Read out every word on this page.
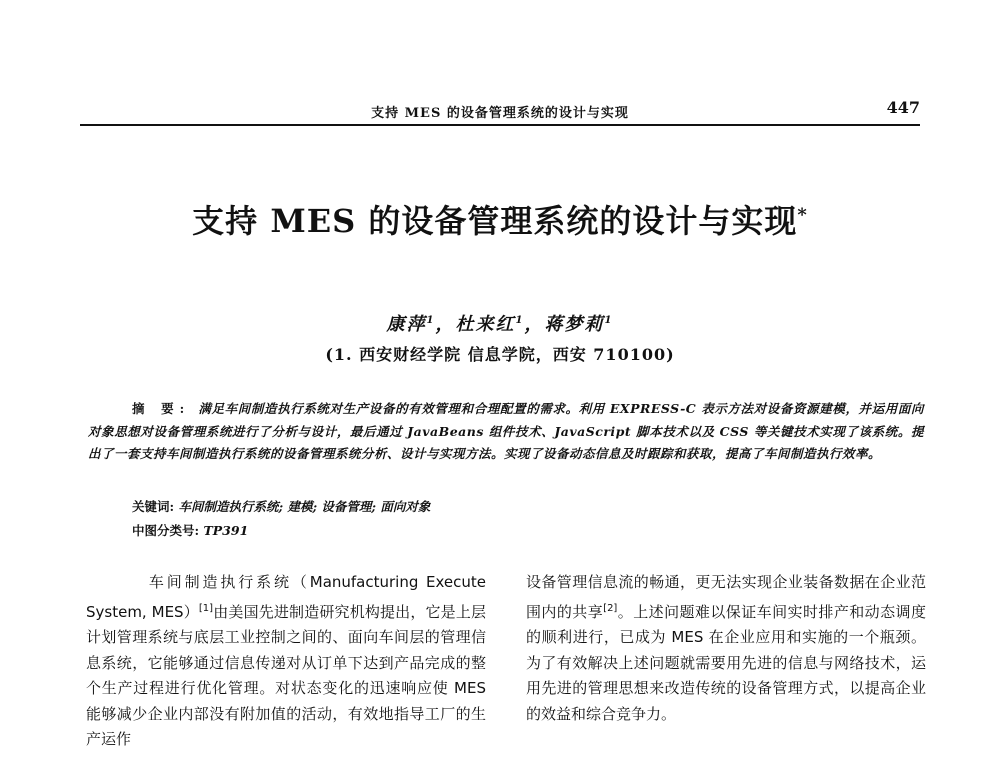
支持 MES 的设备管理系统的设计与实现	447
支持 MES 的设备管理系统的设计与实现*
康萍$^1$，杜来红$^1$，蒋梦莉$^1$
(1. 西安财经学院 信息学院，西安 710100)
摘 要: 满足车间制造执行系统对生产设备的有效管理和合理配置的需求。利用 EXPRESS-C 表示方法对设备资源建模，并运用面向对象思想对设备管理系统进行了分析与设计，最后通过 JavaBeans 组件技术、JavaScript 脚本技术以及 CSS 等关键技术实现了该系统。提出了一套支持车间制造执行系统的设备管理系统分析、设计与实现方法。实现了设备动态信息及时跟踪和获取，提高了车间制造执行效率。
关键词: 车间制造执行系统; 建模; 设备管理; 面向对象
中图分类号: TP391
车间制造执行系统（Manufacturing Execute System, MES）[1]由美国先进制造研究机构提出，它是上层计划管理系统与底层工业控制之间的、面向车间层的管理信息系统，它能够通过信息传递对从订单下达到产品完成的整个生产过程进行优化管理。对状态变化的迅速响应使 MES 能够减少企业内部没有附加值的活动，有效地指导工厂的生产运作
设备管理信息流的畅通，更无法实现企业装备数据在企业范围内的共享[2]。上述问题难以保证车间实时排产和动态调度的顺利进行，已成为 MES 在企业应用和实施的一个瓶颈。为了有效解决上述问题就需要用先进的信息与网络技术，运用先进的管理思想来改造传统的设备管理方式，以提高企业的效益和综合竞争力。
